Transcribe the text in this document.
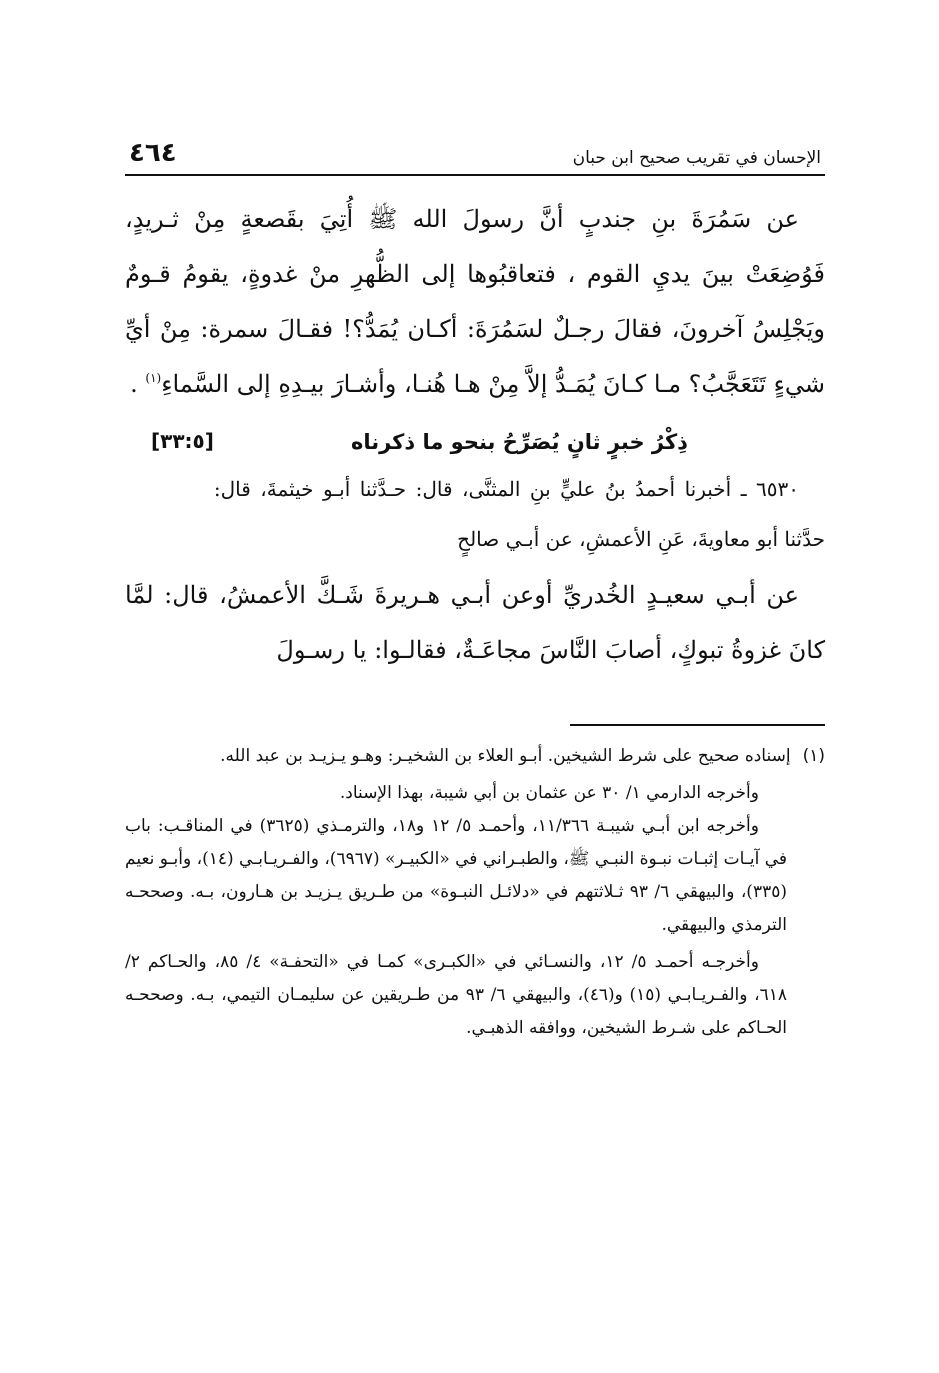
الإحسان في تقريب صحيح ابن حبان
٤٦٤

عن سَمُرَةَ بنِ جندبٍ أنَّ رسولَ الله ﷺ أُتِيَ بقَصعةٍ مِنْ ثـريدٍ، فَوُضِعَتْ بينَ يديِ القوم ، فتعاقبُوها إلى الظُّهرِ منْ غدوةٍ، يقومُ قـومٌ ويَجْلِسُ آخرونَ، فقالَ رجـلٌ لسَمُرَةَ: أكـان يُمَدُّ؟! فقـالَ سمرة: مِنْ أيِّ شيءٍ تَتَعَجَّبُ؟ مـا كـانَ يُمَـدُّ إلاَّ مِنْ هـا هُنـا، وأشـارَ بيـدِهِ إلى السَّماءِ$^{(١)}$ .
[٣٣:٥]	ذِكْرُ خبرٍ ثانٍ يُصَرِّحُ بنحو ما ذكرناه

٦٥٣٠ ـ أخبرنا أحمدُ بنُ عليٍّ بنِ المثنَّى، قال: حـدَّثنا أبـو خيثمةَ، قال: حدَّثنا أبو معاويةَ، عَنِ الأعمشِ، عن أبـي صالحٍ

عن أبـي سعيـدٍ الخُدريِّ أوعن أبـي هـريرةَ شَـكَّ الأعمشُ، قال: لمَّا كانَ غزوةُ تبوكٍ، أصابَ النَّاسَ مجاعَـةٌ، فقالـوا: يا رسـولَ

(١)
إسناده صحيح على شرط الشيخين. أبـو العلاء بن الشخيـر: وهـو يـزيـد بن عبد الله.

وأخرجه الدارمي ١/ ٣٠ عن عثمان بن أبي شيبة، بهذا الإسناد.

وأخرجه ابن أبـي شيبـة ١١/٣٦٦، وأحمـد ٥/ ١٢ و١٨، والترمـذي (٣٦٢٥) في المناقـب: باب في آيـات إثبـات نبـوة النبـي ﷺ، والطبـراني في «الكبيـر» (٦٩٦٧)، والفـريـابـي (١٤)، وأبـو نعيم (٣٣٥)، والبيهقي ٦/ ٩٣ ثـلاثتهم في «دلائـل النبـوة» من طـريق يـزيـد بن هـارون، بـه. وصححـه الترمذي والبيهقي.

وأخرجـه أحمـد ٥/ ١٢، والنسـائي في «الكبـرى» كمـا في «التحفـة» ٤/ ٨٥، والحـاكم ٢/ ٦١٨، والفـريـابـي (١٥) و(٤٦)، والبيهقي ٦/ ٩٣ من طـريقين عن سليمـان التيمي، بـه. وصححـه الحـاكم على شـرط الشيخين، ووافقه الذهبـي.
